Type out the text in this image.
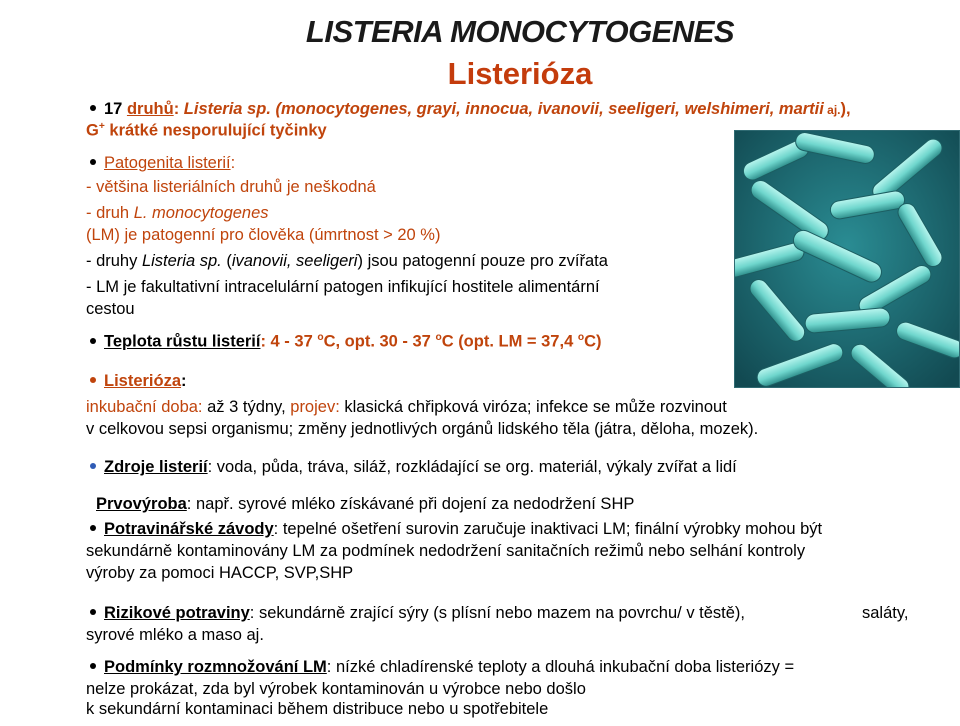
LISTERIA MONOCYTOGENES
Listerióza
17 druhů: Listeria sp. (monocytogenes, grayi, innocua, ivanovii, seeligeri, welshimeri, martii aj.),
G+ krátké nesporulující tyčinky
Patogenita listerií:
- většina listeriálních druhů je neškodná
- druh L. monocytogenes
(LM) je patogenní pro člověka (úmrtnost > 20 %)
- druhy Listeria sp. (ivanovii, seeligeri) jsou patogenní pouze pro zvířata
- LM je fakultativní intracelulární patogen infikující hostitele alimentární
cestou
Teplota růstu listerií: 4 - 37 $^o$C, opt. 30 - 37 $^o$C (opt. LM = 37,4 $^o$C)
Listerióza:
inkubační doba: až 3 týdny, projev: klasická chřipková viróza; infekce se může rozvinout
v celkovou sepsi organismu; změny jednotlivých orgánů lidského těla (játra, děloha, mozek).
Zdroje listerií: voda, půda, tráva, siláž, rozkládající se org. materiál, výkaly zvířat a lidí
Prvovýroba: např. syrové mléko získávané při dojení za nedodržení SHP
Potravinářské závody: tepelné ošetření surovin zaručuje inaktivaci LM; finální výrobky mohou být
sekundárně kontaminovány LM za podmínek nedodržení sanitačních režimů nebo selhání kontroly
výroby za pomoci HACCP, SVP,SHP
Rizikové potraviny: sekundárně zrající sýry (s plísní nebo mazem na povrchu/ v těstě),	saláty,
syrové mléko a maso aj.
Podmínky rozmnožování LM: nízké chladírenské teploty a dlouhá inkubační doba listeriózy =
nelze prokázat, zda byl výrobek kontaminován u výrobce nebo došlo
k sekundární kontaminaci během distribuce nebo u spotřebitele
